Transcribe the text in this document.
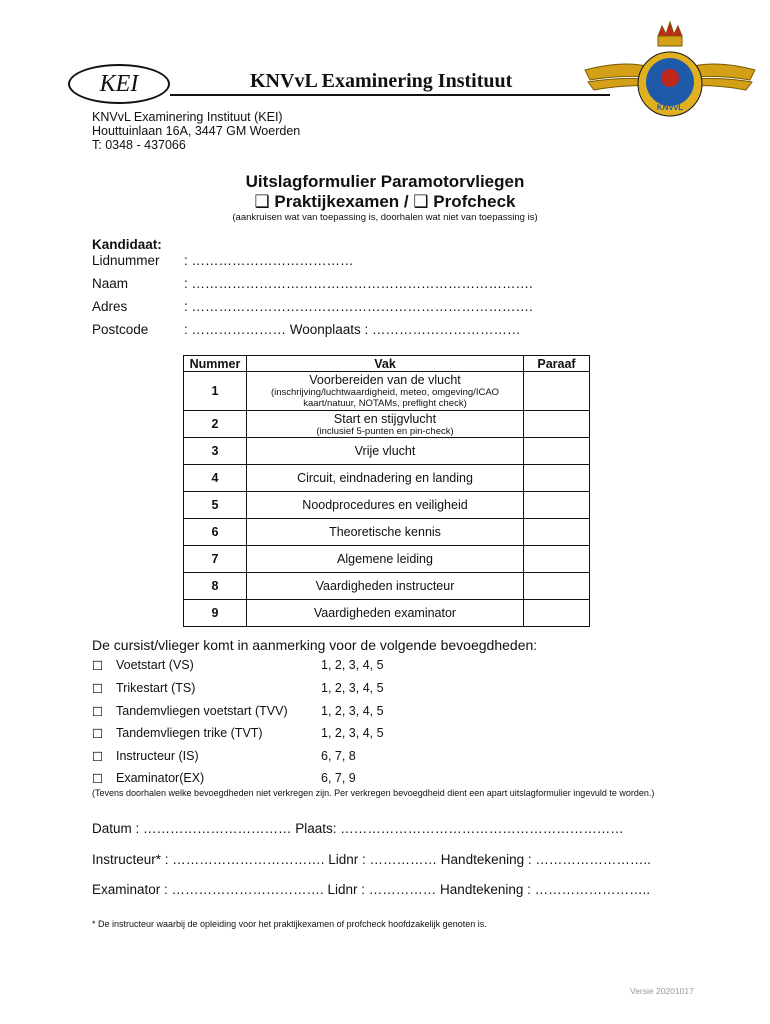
KEI	KNVvL Examinering Instituut
KNVvL
KNVvL Examinering Instituut (KEI)
Houttuinlaan 16A, 3447 GM Woerden
T: 0348 - 437066
Uitslagformulier Paramotorvliegen
❑ Praktijkexamen / ❑ Profcheck
(aankruisen wat van toepassing is, doorhalen wat niet van toepassing is)
Kandidaat:
Lidnummer : ………………………………
Naam	: ………………………………………………………………….
Adres	: ………………………………………………………………….
Postcode	: ………………… Woonplaats : ……………………………
Nummer	Vak	Paraaf
1	Voorbereiden van de vlucht
(inschrijving/luchtwaardigheid, meteo, omgeving/ICAO kaart/natuur, NOTAMs, preflight check)	

2	Start en stijgvlucht
(inclusief 5-punten en pin-check)	

3	Vrije vlucht	
4	Circuit, eindnadering en landing	
5	Noodprocedures en veiligheid	
6	Theoretische kennis	
7	Algemene leiding	
8	Vaardigheden instructeur	
9	Vaardigheden examinator	
De cursist/vlieger komt in aanmerking voor de volgende bevoegdheden:
☐ Voetstart (VS)	1, 2, 3, 4, 5
☐ Trikestart (TS)	1, 2, 3, 4, 5
☐ Tandemvliegen voetstart (TVV)	1, 2, 3, 4, 5
☐ Tandemvliegen trike (TVT)	1, 2, 3, 4, 5
☐ Instructeur (IS)	6, 7, 8
☐ Examinator(EX)	6, 7, 9
(Tevens doorhalen welke bevoegdheden niet verkregen zijn. Per verkregen bevoegdheid dient een apart uitslagformulier ingevuld te worden.)
Datum : …………………………… Plaats: ………………………………………………………
Instructeur* : ……………………………. Lidnr : …………… Handtekening : ……………………..
Examinator : ……………………………. Lidnr : …………… Handtekening : ……………………..
* De instructeur waarbij de opleiding voor het praktijkexamen of profcheck hoofdzakelijk genoten is.
Versie 20201017
